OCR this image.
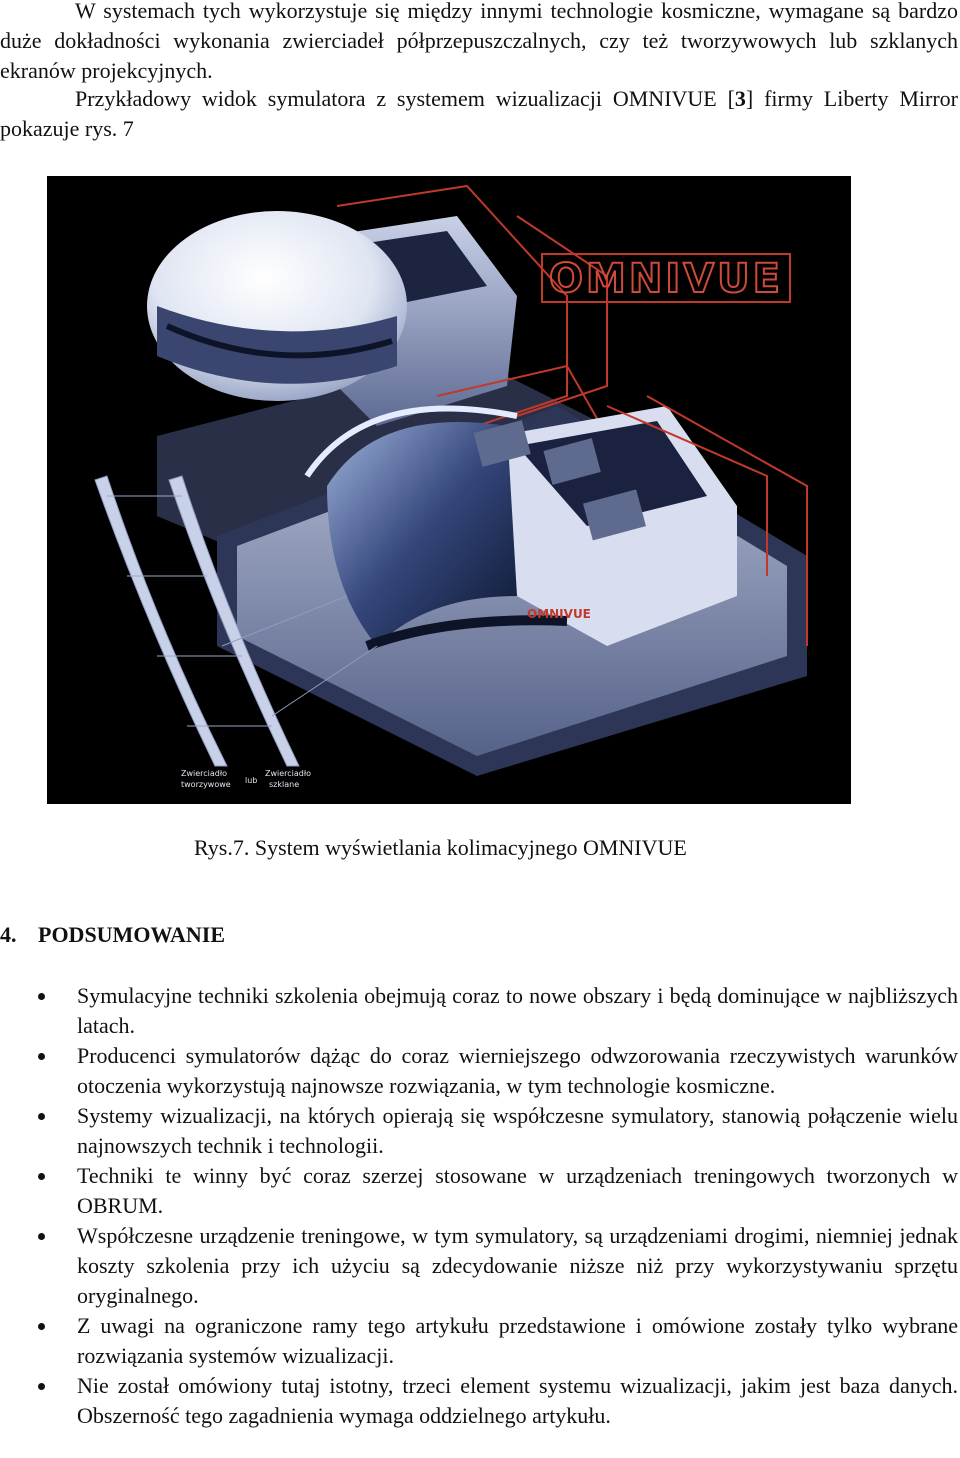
W systemach tych wykorzystuje się między innymi technologie kosmiczne, wymagane są bardzo duże dokładności wykonania zwierciadeł półprzepuszczalnych, czy też tworzywowych lub szklanych ekranów projekcyjnych.

Przykładowy widok symulatora z systemem wizualizacji OMNIVUE [3] firmy Liberty Mirror pokazuje rys. 7

OMNIVUE
OMNIVUE
Zwierciadło
tworzywowe lub
Zwierciadło
szklane

Rys.7. System wyświetlania kolimacyjnego OMNIVUE

4. PODSUMOWANIE
Symulacyjne techniki szkolenia obejmują coraz to nowe obszary i będą dominujące w najbliższych latach.
Producenci symulatorów dążąc do coraz wierniejszego odwzorowania rzeczywistych warunków otoczenia wykorzystują najnowsze rozwiązania, w tym technologie kosmiczne.
Systemy wizualizacji, na których opierają się współczesne symulatory, stanowią połączenie wielu najnowszych technik i technologii.
Techniki te winny być coraz szerzej stosowane w urządzeniach treningowych tworzonych w OBRUM.
Współczesne urządzenie treningowe, w tym symulatory, są urządzeniami drogimi, niemniej jednak koszty szkolenia przy ich użyciu są zdecydowanie niższe niż przy wykorzystywaniu sprzętu oryginalnego.
Z uwagi na ograniczone ramy tego artykułu przedstawione i omówione zostały tylko wybrane rozwiązania systemów wizualizacji.
Nie został omówiony tutaj istotny, trzeci element systemu wizualizacji, jakim jest baza danych. Obszerność tego zagadnienia wymaga oddzielnego artykułu.
